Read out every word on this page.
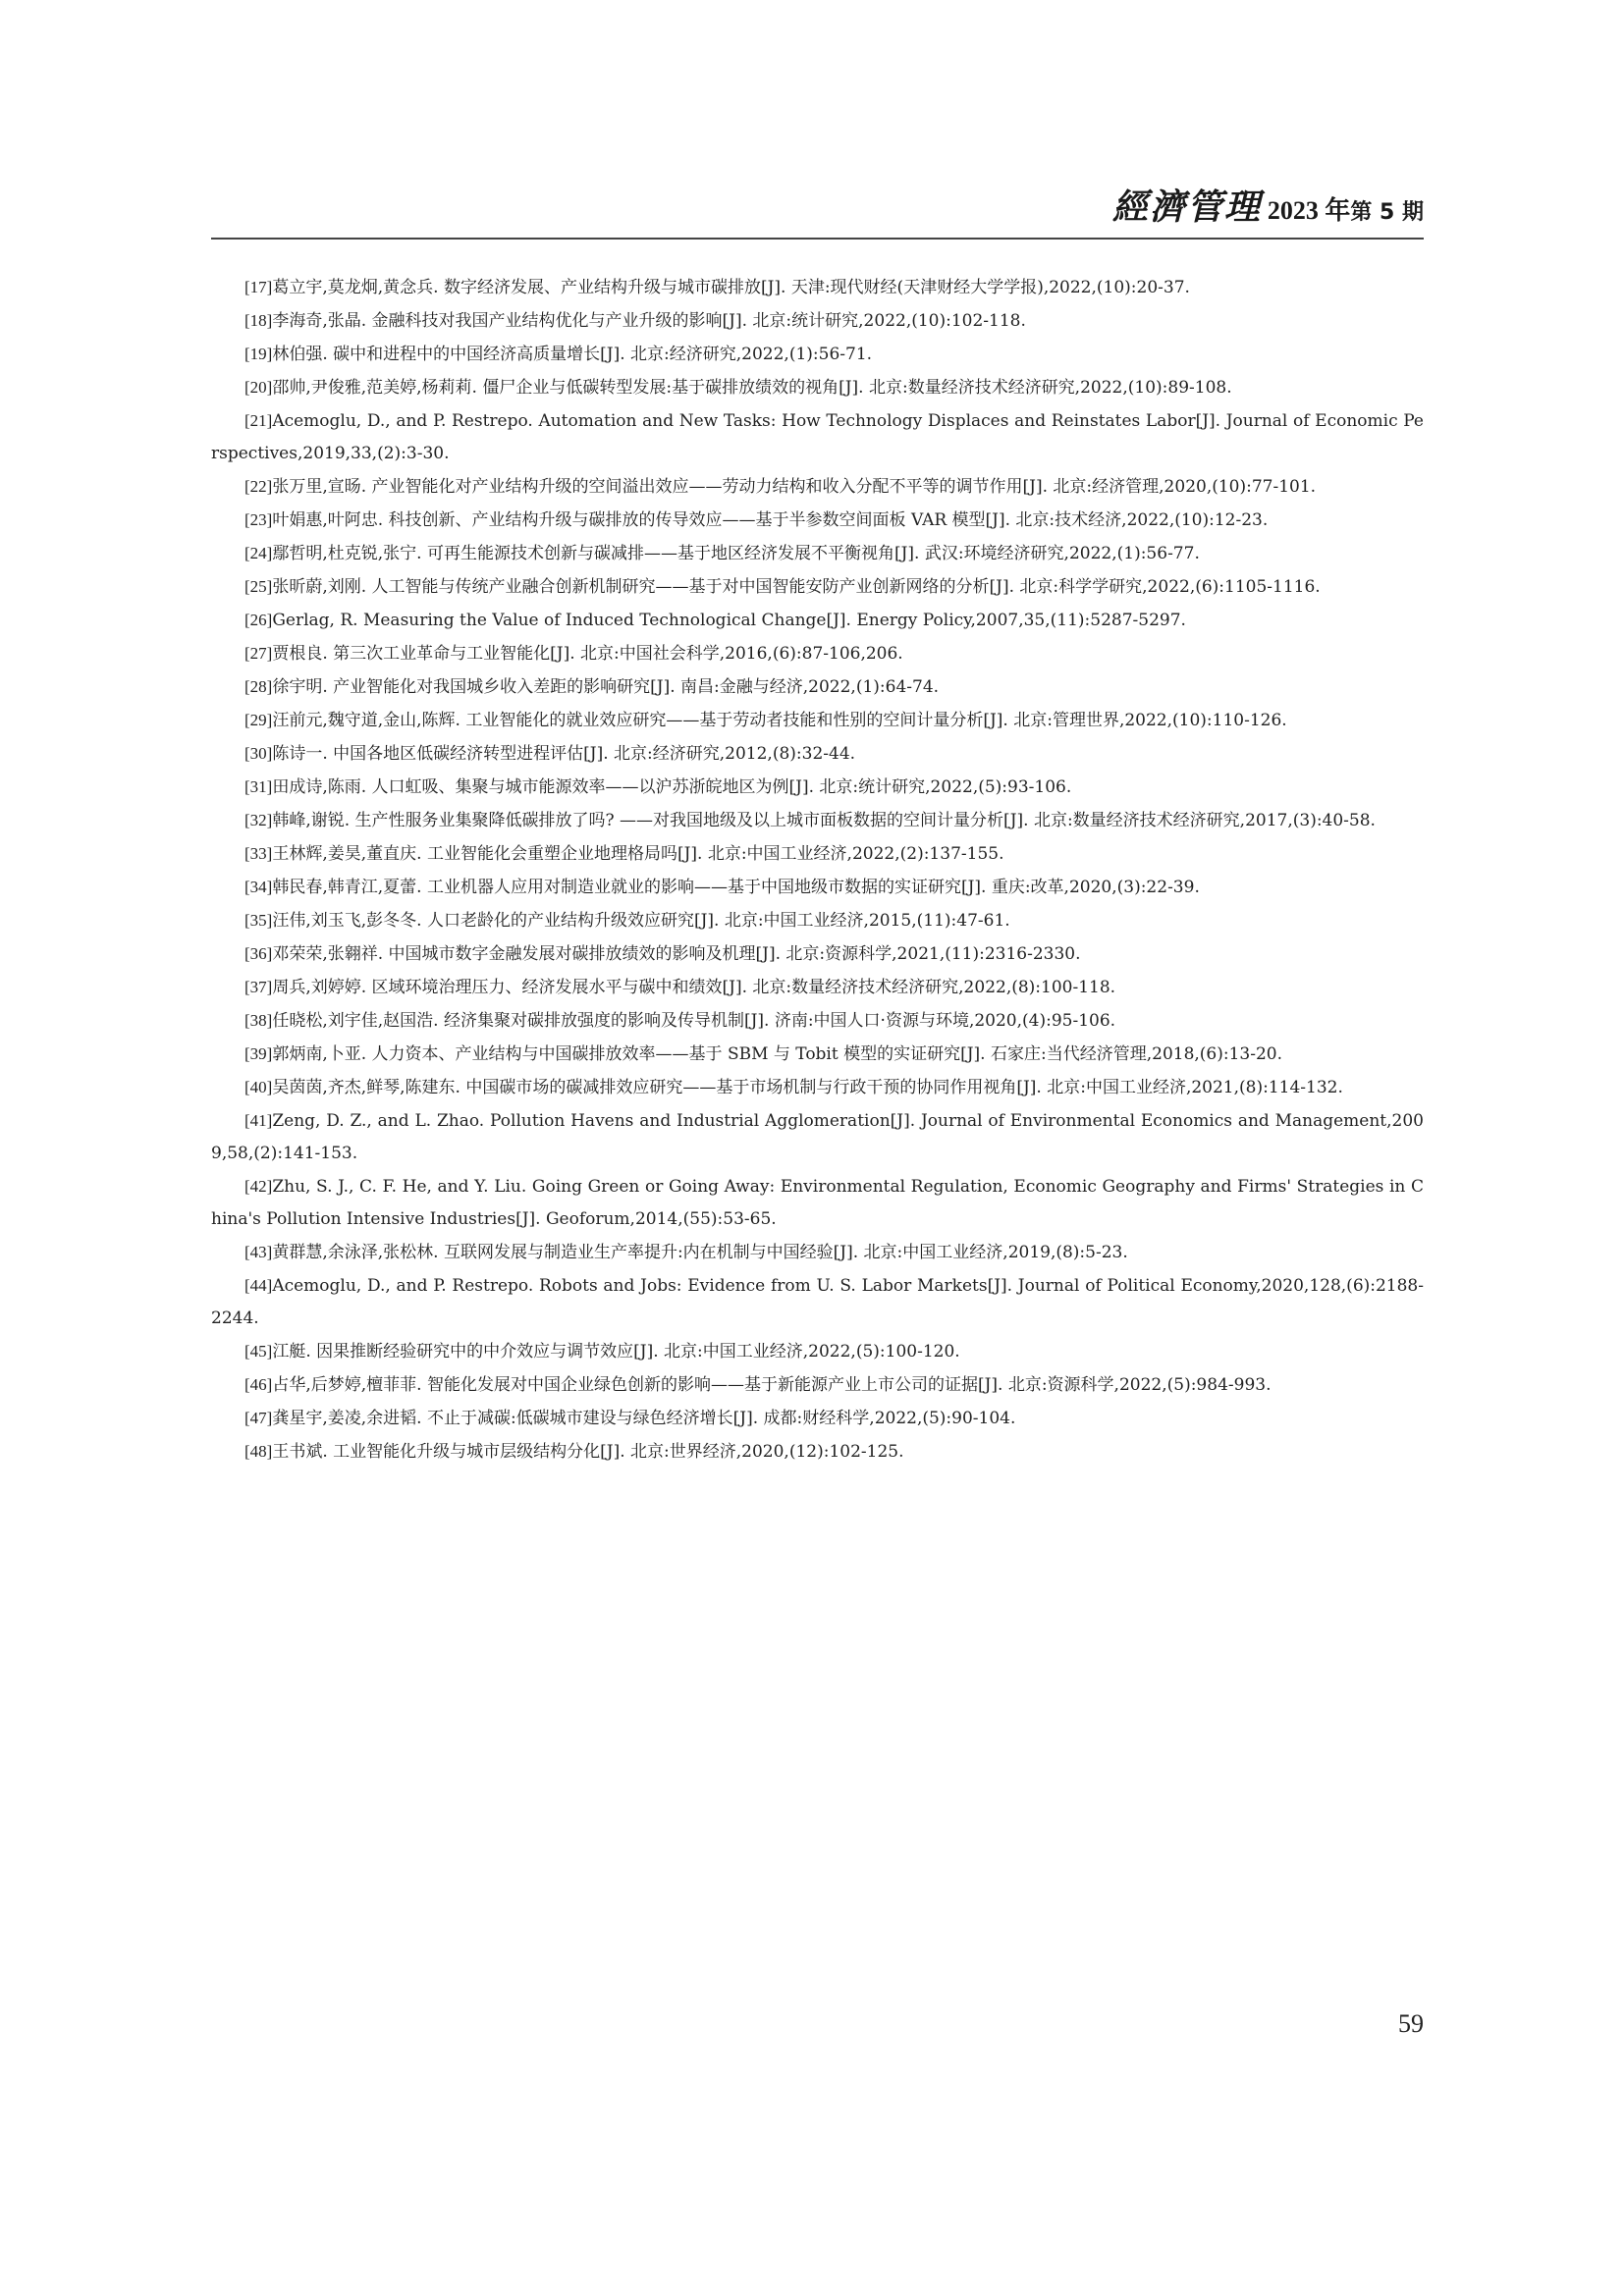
經濟管理 2023 年 第 5 期

[17]葛立宇,莫龙炯,黄念兵. 数字经济发展、产业结构升级与城市碳排放[J]. 天津:现代财经(天津财经大学学报),2022,(10):20-37.

[18]李海奇,张晶. 金融科技对我国产业结构优化与产业升级的影响[J]. 北京:统计研究,2022,(10):102-118.

[19]林伯强. 碳中和进程中的中国经济高质量增长[J]. 北京:经济研究,2022,(1):56-71.

[20]邵帅,尹俊雅,范美婷,杨莉莉. 僵尸企业与低碳转型发展:基于碳排放绩效的视角[J]. 北京:数量经济技术经济研究,2022,(10):89-108.

[21]Acemoglu, D., and P. Restrepo. Automation and New Tasks: How Technology Displaces and Reinstates Labor[J]. Journal of Economic Perspectives,2019,33,(2):3-30.

[22]张万里,宣旸. 产业智能化对产业结构升级的空间溢出效应——劳动力结构和收入分配不平等的调节作用[J]. 北京:经济管理,2020,(10):77-101.

[23]叶娟惠,叶阿忠. 科技创新、产业结构升级与碳排放的传导效应——基于半参数空间面板 VAR 模型[J]. 北京:技术经济,2022,(10):12-23.

[24]鄢哲明,杜克锐,张宁. 可再生能源技术创新与碳减排——基于地区经济发展不平衡视角[J]. 武汉:环境经济研究,2022,(1):56-77.

[25]张昕蔚,刘刚. 人工智能与传统产业融合创新机制研究——基于对中国智能安防产业创新网络的分析[J]. 北京:科学学研究,2022,(6):1105-1116.

[26]Gerlag, R. Measuring the Value of Induced Technological Change[J]. Energy Policy,2007,35,(11):5287-5297.

[27]贾根良. 第三次工业革命与工业智能化[J]. 北京:中国社会科学,2016,(6):87-106,206.

[28]徐宇明. 产业智能化对我国城乡收入差距的影响研究[J]. 南昌:金融与经济,2022,(1):64-74.

[29]汪前元,魏守道,金山,陈辉. 工业智能化的就业效应研究——基于劳动者技能和性别的空间计量分析[J]. 北京:管理世界,2022,(10):110-126.

[30]陈诗一. 中国各地区低碳经济转型进程评估[J]. 北京:经济研究,2012,(8):32-44.

[31]田成诗,陈雨. 人口虹吸、集聚与城市能源效率——以沪苏浙皖地区为例[J]. 北京:统计研究,2022,(5):93-106.

[32]韩峰,谢锐. 生产性服务业集聚降低碳排放了吗? ——对我国地级及以上城市面板数据的空间计量分析[J]. 北京:数量经济技术经济研究,2017,(3):40-58.

[33]王林辉,姜昊,董直庆. 工业智能化会重塑企业地理格局吗[J]. 北京:中国工业经济,2022,(2):137-155.

[34]韩民春,韩青江,夏蕾. 工业机器人应用对制造业就业的影响——基于中国地级市数据的实证研究[J]. 重庆:改革,2020,(3):22-39.

[35]汪伟,刘玉飞,彭冬冬. 人口老龄化的产业结构升级效应研究[J]. 北京:中国工业经济,2015,(11):47-61.

[36]邓荣荣,张翱祥. 中国城市数字金融发展对碳排放绩效的影响及机理[J]. 北京:资源科学,2021,(11):2316-2330.

[37]周兵,刘婷婷. 区域环境治理压力、经济发展水平与碳中和绩效[J]. 北京:数量经济技术经济研究,2022,(8):100-118.

[38]任晓松,刘宇佳,赵国浩. 经济集聚对碳排放强度的影响及传导机制[J]. 济南:中国人口·资源与环境,2020,(4):95-106.

[39]郭炳南,卜亚. 人力资本、产业结构与中国碳排放效率——基于 SBM 与 Tobit 模型的实证研究[J]. 石家庄:当代经济管理,2018,(6):13-20.

[40]吴茵茵,齐杰,鲜琴,陈建东. 中国碳市场的碳减排效应研究——基于市场机制与行政干预的协同作用视角[J]. 北京:中国工业经济,2021,(8):114-132.

[41]Zeng, D. Z., and L. Zhao. Pollution Havens and Industrial Agglomeration[J]. Journal of Environmental Economics and Management,2009,58,(2):141-153.

[42]Zhu, S. J., C. F. He, and Y. Liu. Going Green or Going Away: Environmental Regulation, Economic Geography and Firms' Strategies in China's Pollution Intensive Industries[J]. Geoforum,2014,(55):53-65.

[43]黄群慧,余泳泽,张松林. 互联网发展与制造业生产率提升:内在机制与中国经验[J]. 北京:中国工业经济,2019,(8):5-23.

[44]Acemoglu, D., and P. Restrepo. Robots and Jobs: Evidence from U. S. Labor Markets[J]. Journal of Political Economy,2020,128,(6):2188-2244.

[45]江艇. 因果推断经验研究中的中介效应与调节效应[J]. 北京:中国工业经济,2022,(5):100-120.

[46]占华,后梦婷,檀菲菲. 智能化发展对中国企业绿色创新的影响——基于新能源产业上市公司的证据[J]. 北京:资源科学,2022,(5):984-993.

[47]龚星宇,姜凌,余进韬. 不止于减碳:低碳城市建设与绿色经济增长[J]. 成都:财经科学,2022,(5):90-104.

[48]王书斌. 工业智能化升级与城市层级结构分化[J]. 北京:世界经济,2020,(12):102-125.

59
